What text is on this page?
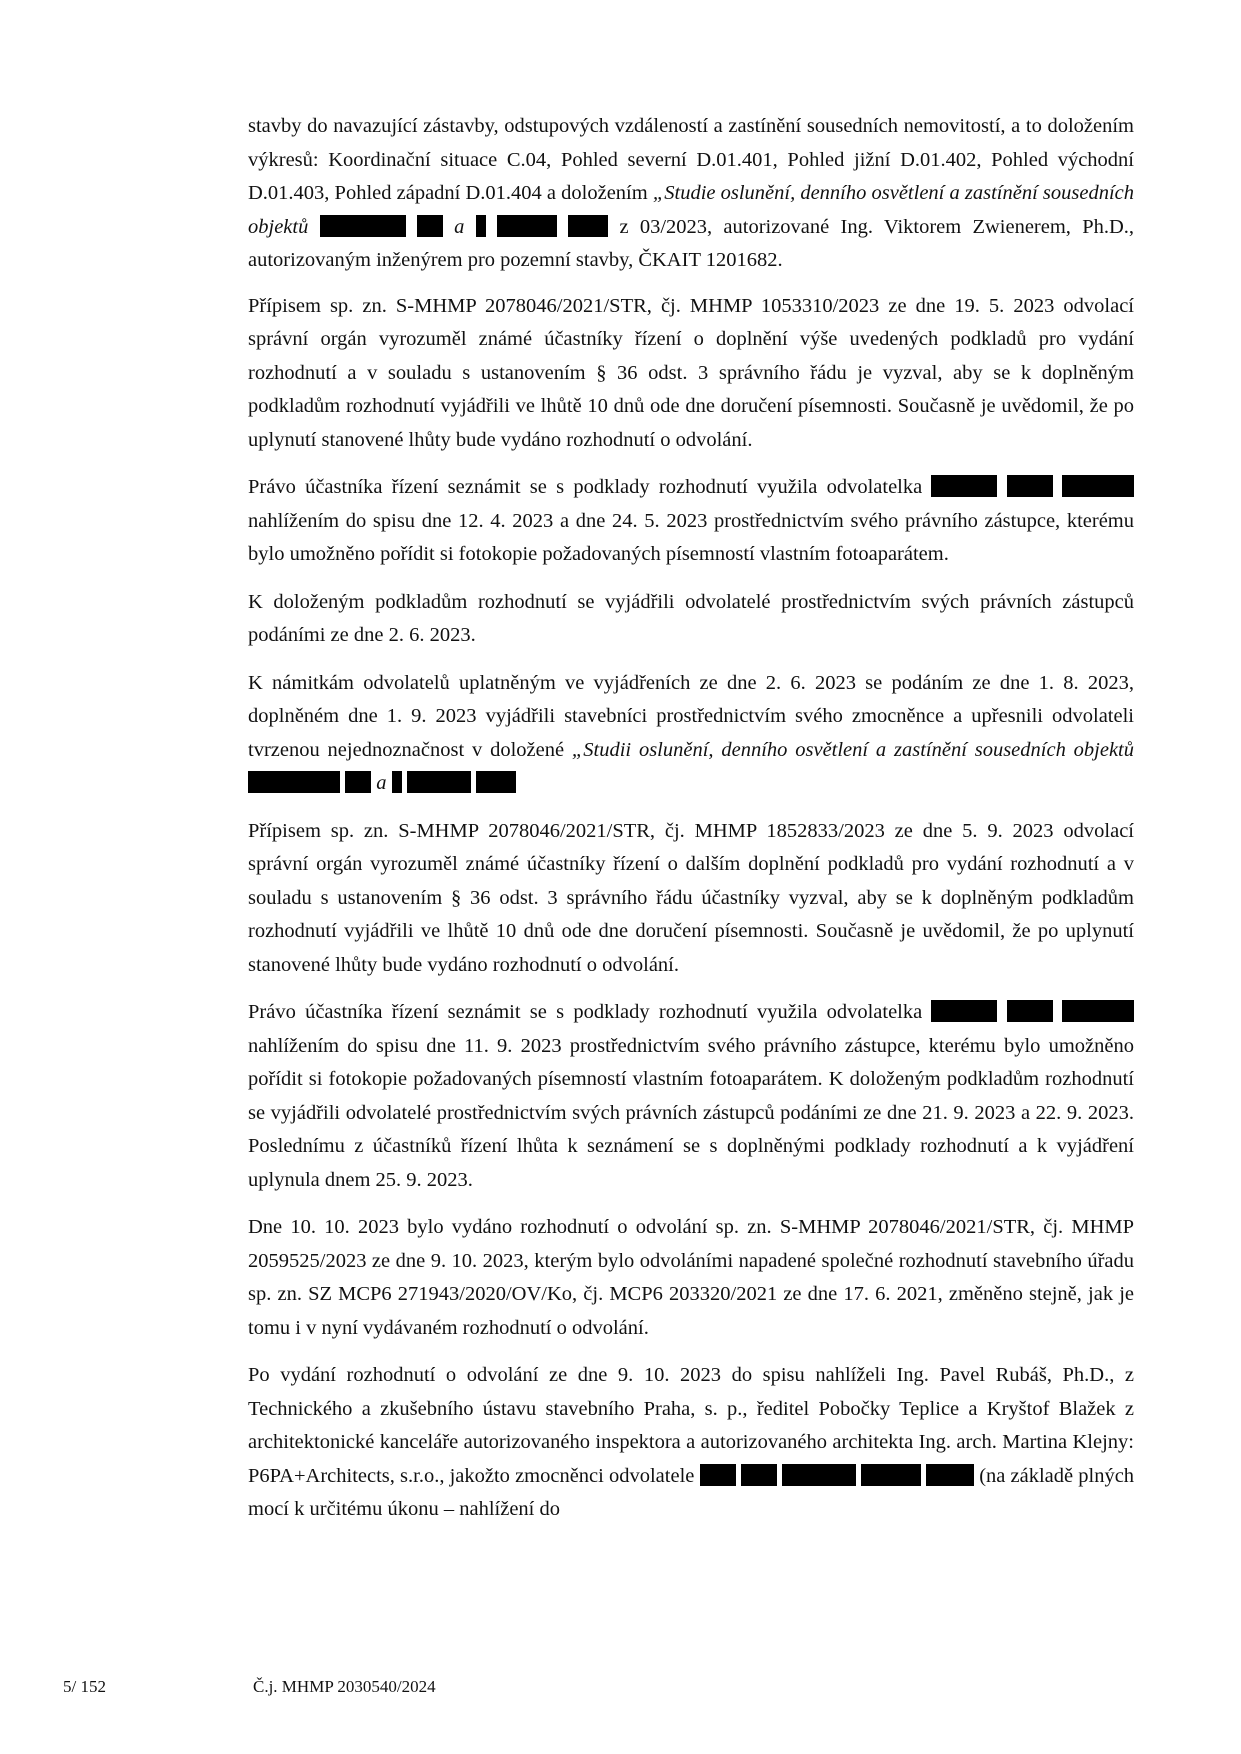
stavby do navazující zástavby, odstupových vzdáleností a zastínění sousedních nemovitostí, a to doložením výkresů: Koordinační situace C.04, Pohled severní D.01.401, Pohled jižní D.01.402, Pohled východní D.01.403, Pohled západní D.01.404 a doložením „Studie oslunění, denního osvětlení a zastínění sousedních objektů	a	z 03/2023, autorizované Ing. Viktorem Zwienerem, Ph.D., autorizovaným inženýrem pro pozemní stavby, ČKAIT 1201682.

Přípisem sp. zn. S-MHMP 2078046/2021/STR, čj. MHMP 1053310/2023 ze dne 19. 5. 2023 odvolací správní orgán vyrozuměl známé účastníky řízení o doplnění výše uvedených podkladů pro vydání rozhodnutí a v souladu s ustanovením § 36 odst. 3 správního řádu je vyzval, aby se k doplněným podkladům rozhodnutí vyjádřili ve lhůtě 10 dnů ode dne doručení písemnosti. Současně je uvědomil, že po uplynutí stanovené lhůty bude vydáno rozhodnutí o odvolání.

Právo účastníka řízení seznámit se s podklady rozhodnutí využila odvolatelka    nahlížením do spisu dne 12. 4. 2023 a dne 24. 5. 2023 prostřednictvím svého právního zástupce, kterému bylo umožněno pořídit si fotokopie požadovaných písemností vlastním fotoaparátem.

K doloženým podkladům rozhodnutí se vyjádřili odvolatelé prostřednictvím svých právních zástupců podáními ze dne 2. 6. 2023.

K námitkám odvolatelů uplatněným ve vyjádřeních ze dne 2. 6. 2023 se podáním ze dne 1. 8. 2023, doplněném dne 1. 9. 2023 vyjádřili stavebníci prostřednictvím svého zmocněnce a upřesnili odvolateli tvrzenou nejednoznačnost v doložené „Studii oslunění, denního osvětlení a zastínění sousedních objektů   a

Přípisem sp. zn. S-MHMP 2078046/2021/STR, čj. MHMP 1852833/2023 ze dne 5. 9. 2023 odvolací správní orgán vyrozuměl známé účastníky řízení o dalším doplnění podkladů pro vydání rozhodnutí a v souladu s ustanovením § 36 odst. 3 správního řádu účastníky vyzval, aby se k doplněným podkladům rozhodnutí vyjádřili ve lhůtě 10 dnů ode dne doručení písemnosti. Současně je uvědomil, že po uplynutí stanovené lhůty bude vydáno rozhodnutí o odvolání.

Právo účastníka řízení seznámit se s podklady rozhodnutí využila odvolatelka    nahlížením do spisu dne 11. 9. 2023 prostřednictvím svého právního zástupce, kterému bylo umožněno pořídit si fotokopie požadovaných písemností vlastním fotoaparátem. K doloženým podkladům rozhodnutí se vyjádřili odvolatelé prostřednictvím svých právních zástupců podáními ze dne 21. 9. 2023 a 22. 9. 2023. Poslednímu z účastníků řízení lhůta k seznámení se s doplněnými podklady rozhodnutí a k vyjádření uplynula dnem 25. 9. 2023.

Dne 10. 10. 2023 bylo vydáno rozhodnutí o odvolání sp. zn. S-MHMP 2078046/2021/STR, čj. MHMP 2059525/2023 ze dne 9. 10. 2023, kterým bylo odvoláními napadené společné rozhodnutí stavebního úřadu sp. zn. SZ MCP6 271943/2020/OV/Ko, čj. MCP6 203320/2021 ze dne 17. 6. 2021, změněno stejně, jak je tomu i v nyní vydávaném rozhodnutí o odvolání.

Po vydání rozhodnutí o odvolání ze dne 9. 10. 2023 do spisu nahlíželi Ing. Pavel Rubáš, Ph.D., z Technického a zkušebního ústavu stavebního Praha, s. p., ředitel Pobočky Teplice a Kryštof Blažek z architektonické kanceláře autorizovaného inspektora a autorizovaného architekta Ing. arch. Martina Klejny: P6PA+Architects, s.r.o., jakožto zmocněnci odvolatele	(na základě plných mocí k určitému úkonu – nahlížení do

5/ 152	Č.j. MHMP 2030540/2024
